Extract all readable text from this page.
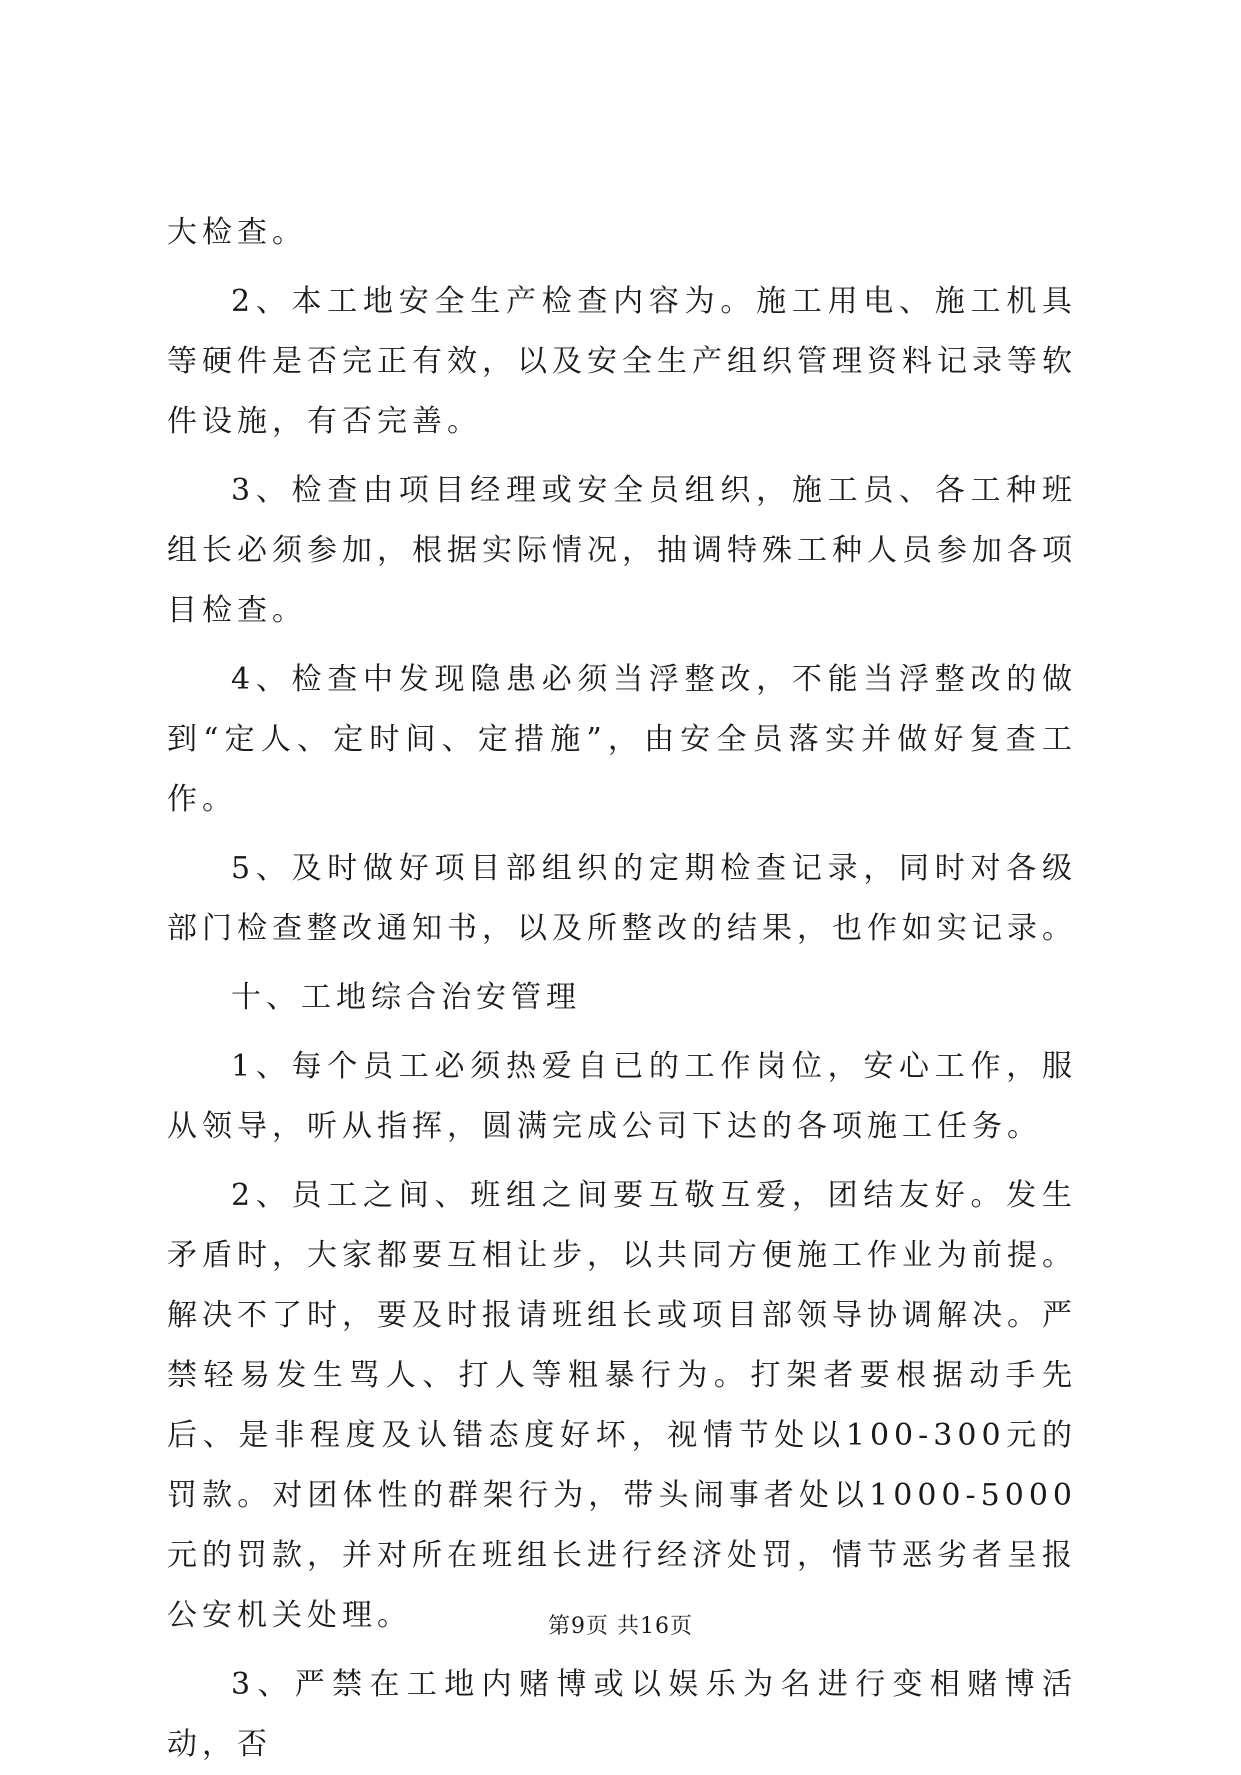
大检查。

2、本工地安全生产检查内容为。施工用电、施工机具等硬件是否完正有效，以及安全生产组织管理资料记录等软件设施，有否完善。

3、检查由项目经理或安全员组织，施工员、各工种班组长必须参加，根据实际情况，抽调特殊工种人员参加各项目检查。

4、检查中发现隐患必须当浮整改，不能当浮整改的做到“定人、定时间、定措施”，由安全员落实并做好复查工作。

5、及时做好项目部组织的定期检查记录，同时对各级部门检查整改通知书，以及所整改的结果，也作如实记录。

十、工地综合治安管理

1、每个员工必须热爱自已的工作岗位，安心工作，服从领导，听从指挥，圆满完成公司下达的各项施工任务。

2、员工之间、班组之间要互敬互爱，团结友好。发生矛盾时，大家都要互相让步，以共同方便施工作业为前提。解决不了时，要及时报请班组长或项目部领导协调解决。严禁轻易发生骂人、打人等粗暴行为。打架者要根据动手先后、是非程度及认错态度好坏，视情节处以100-300元的罚款。对团体性的群架行为，带头闹事者处以1000-5000元的罚款，并对所在班组长进行经济处罚，情节恶劣者呈报公安机关处理。

3、严禁在工地内赌博或以娱乐为名进行变相赌博活动，否

第9页 共16页
